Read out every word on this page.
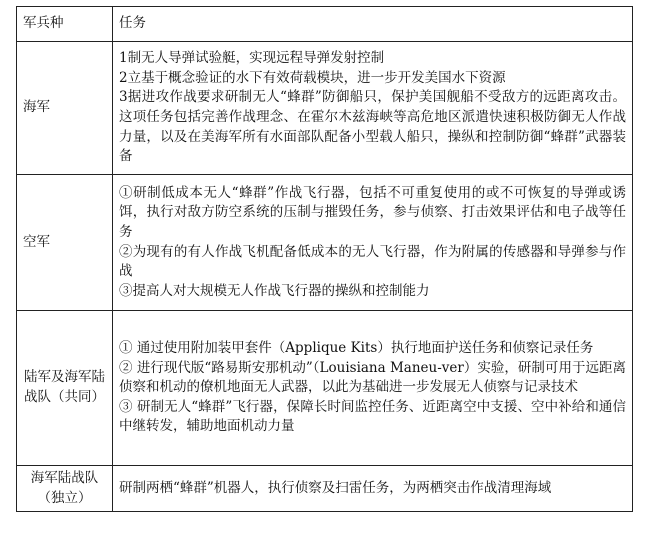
军兵种	任务
海军	1制无人导弹试验艇，实现远程导弹发射控制
2立基于概念验证的水下有效荷载模块，进一步开发美国水下资源
3据进攻作战要求研制无人“蜂群”防御船只，保护美国舰船不受敌方的远距离攻击。这项任务包括完善作战理念、在霍尔木兹海峡等高危地区派遣快速积极防御无人作战力量，以及在美海军所有水面部队配备小型载人船只，操纵和控制防御“蜂群”武器装备

空军	①研制低成本无人“蜂群”作战飞行器，包括不可重复使用的或不可恢复的导弹或诱饵，执行对敌方防空系统的压制与摧毁任务，参与侦察、打击效果评估和电子战等任务
②为现有的有人作战飞机配备低成本的无人飞行器，作为附属的传感器和导弹参与作战
③提高人对大规模无人作战飞行器的操纵和控制能力

陆军及海军陆战队（共同）	① 通过使用附加装甲套件（Applique Kits）执行地面护送任务和侦察记录任务
② 进行现代版“路易斯安那机动”（Louisiana Maneu-ver）实验，研制可用于远距离侦察和机动的僚机地面无人武器，以此为基础进一步发展无人侦察与记录技术
③ 研制无人“蜂群”飞行器，保障长时间监控任务、近距离空中支援、空中补给和通信中继转发，辅助地面机动力量

海军陆战队（独立）	研制两栖“蜂群”机器人，执行侦察及扫雷任务，为两栖突击作战清理海域
